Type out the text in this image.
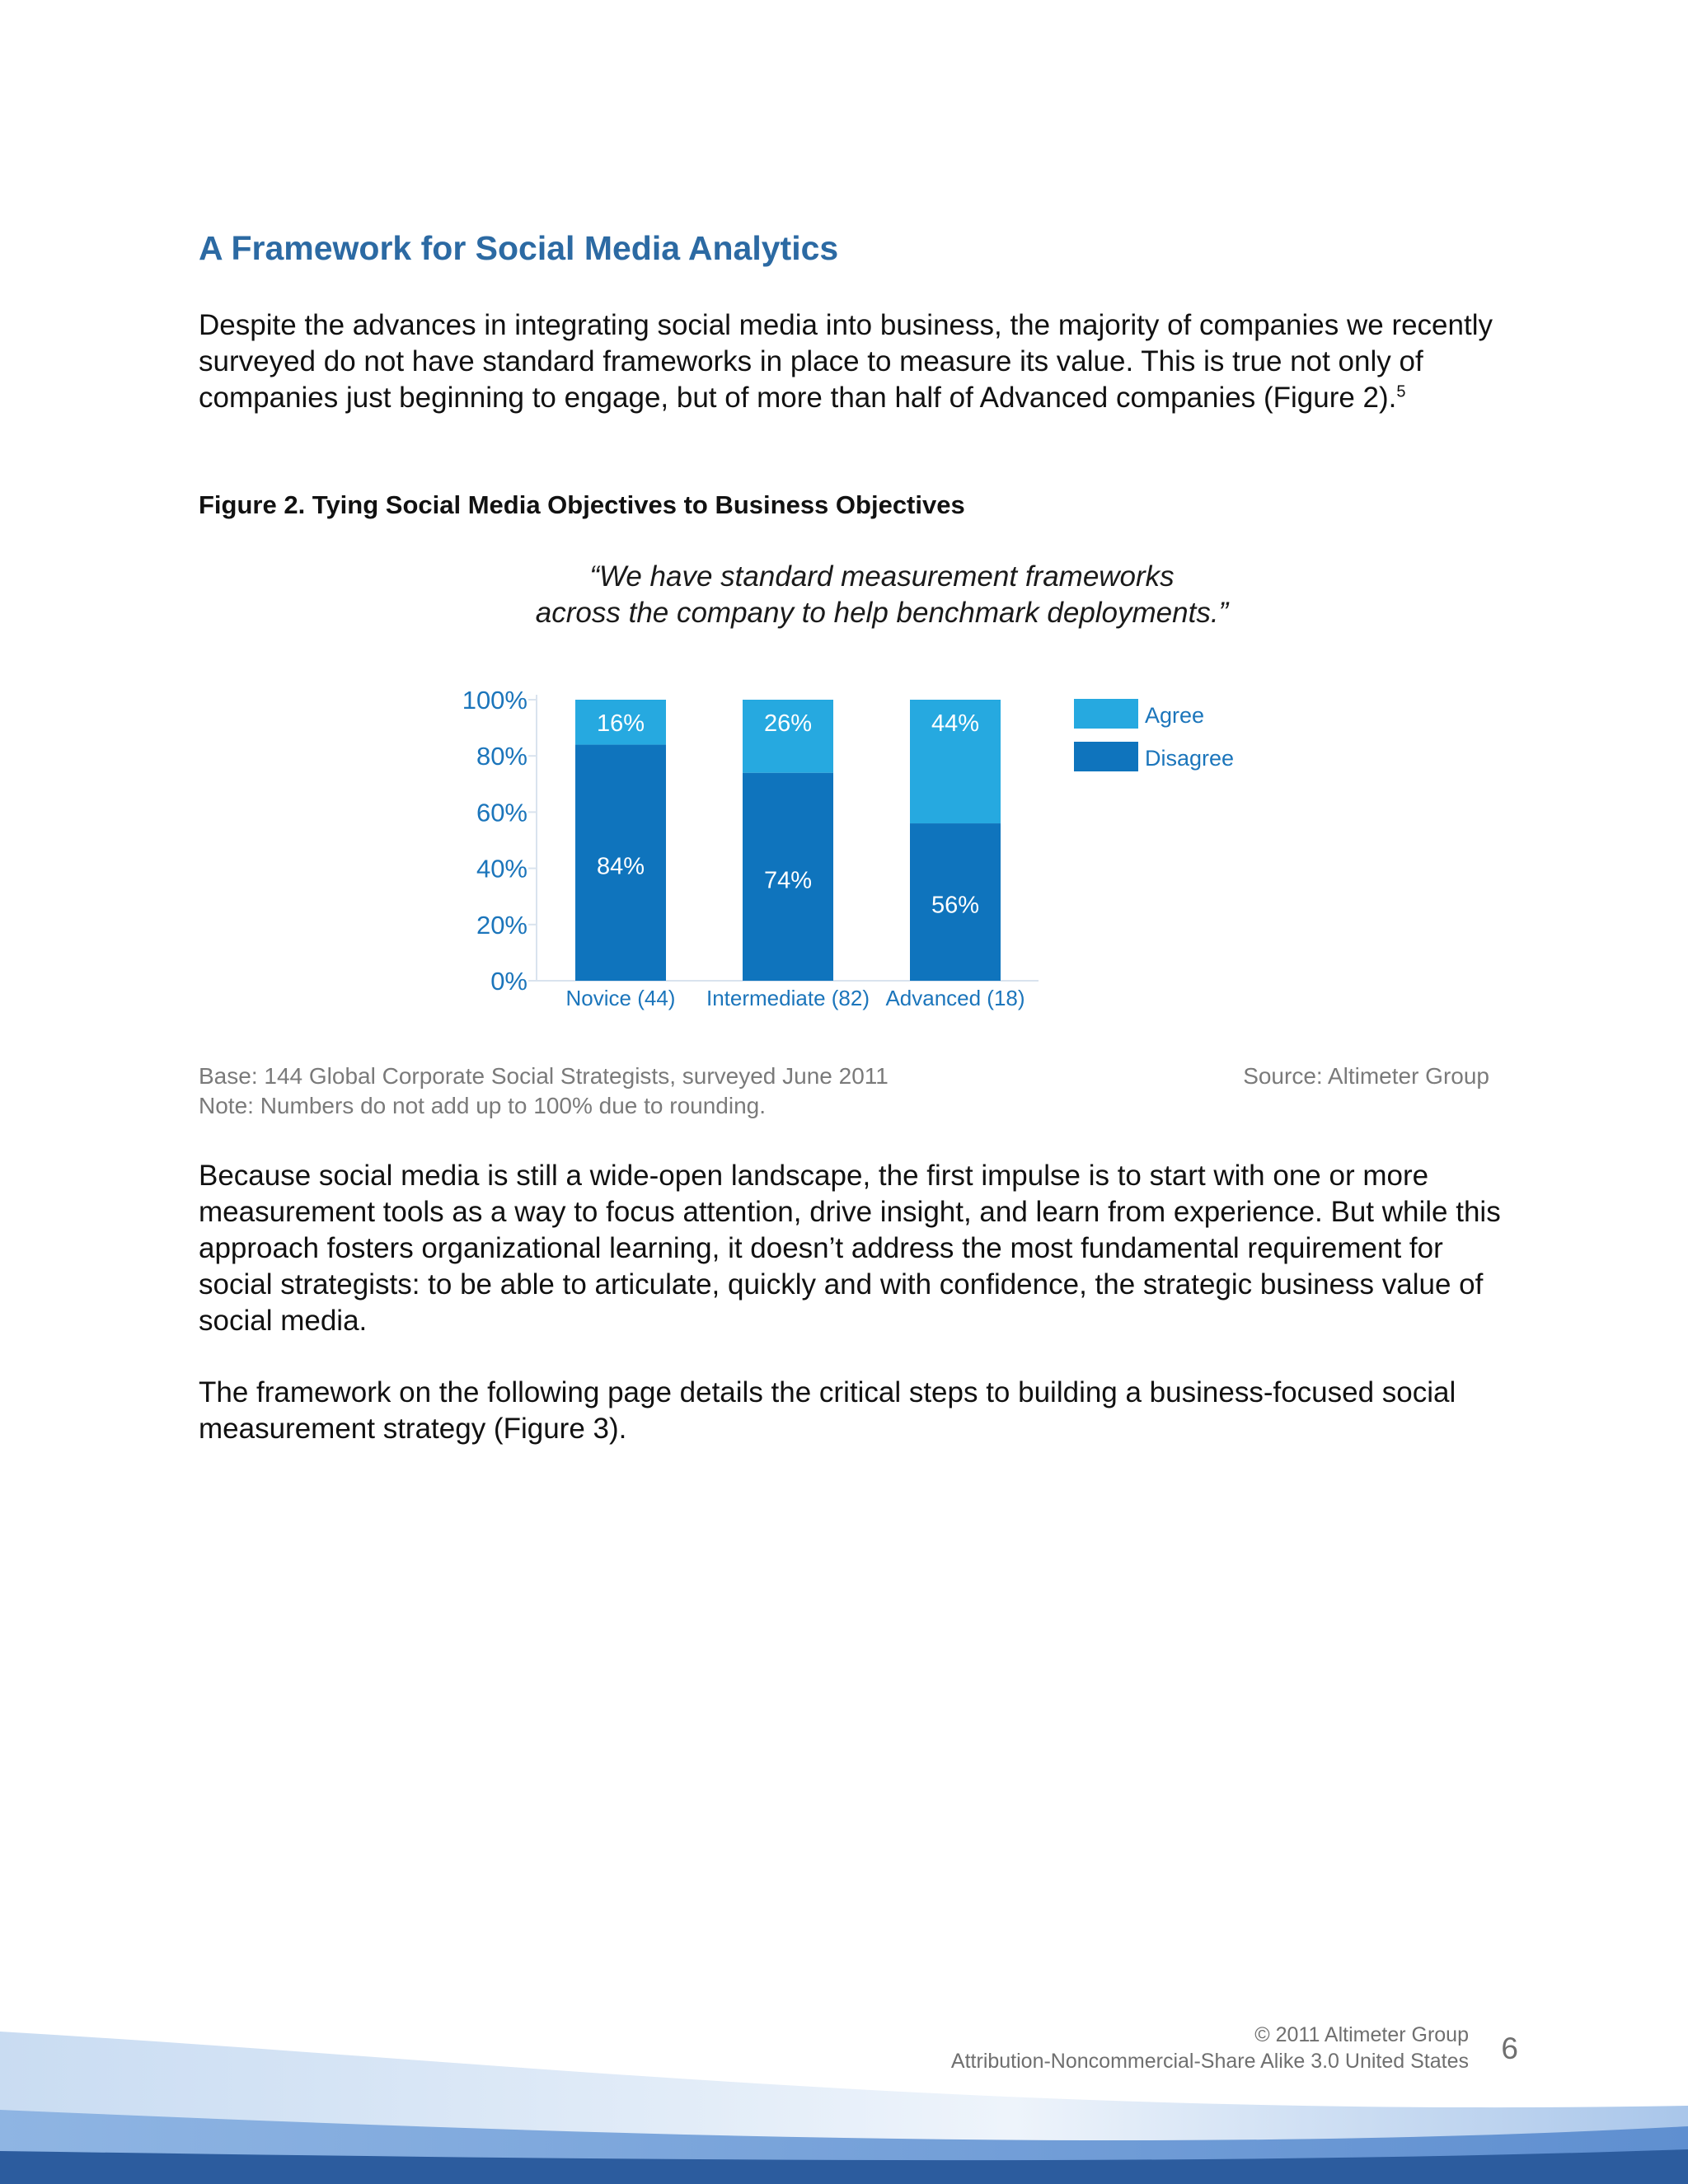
A Framework for Social Media Analytics

Despite the advances in integrating social media into business, the majority of companies we recently surveyed do not have standard frameworks in place to measure its value. This is true not only of companies just beginning to engage, but of more than half of Advanced companies (Figure 2).$^5$

Figure 2. Tying Social Media Objectives to Business Objectives

“We have standard measurement frameworks
across the company to help benchmark deployments.”
0%
20%
40%
60%
80%
100%
84%
16%
Novice (44)
74%
26%
Intermediate (82)
56%
44%
Advanced (18)
Agree
Disagree

Base: 144 Global Corporate Social Strategists, surveyed June 2011

Note: Numbers do not add up to 100% due to rounding.

Source: Altimeter Group

Because social media is still a wide-open landscape, the first impulse is to start with one or more measurement tools as a way to focus attention, drive insight, and learn from experience. But while this approach fosters organizational learning, it doesn’t address the most fundamental requirement for social strategists: to be able to articulate, quickly and with confidence, the strategic business value of social media.

The framework on the following page details the critical steps to building a business-focused social measurement strategy (Figure 3).

© 2011 Altimeter Group

Attribution-Noncommercial-Share Alike 3.0 United States 6
